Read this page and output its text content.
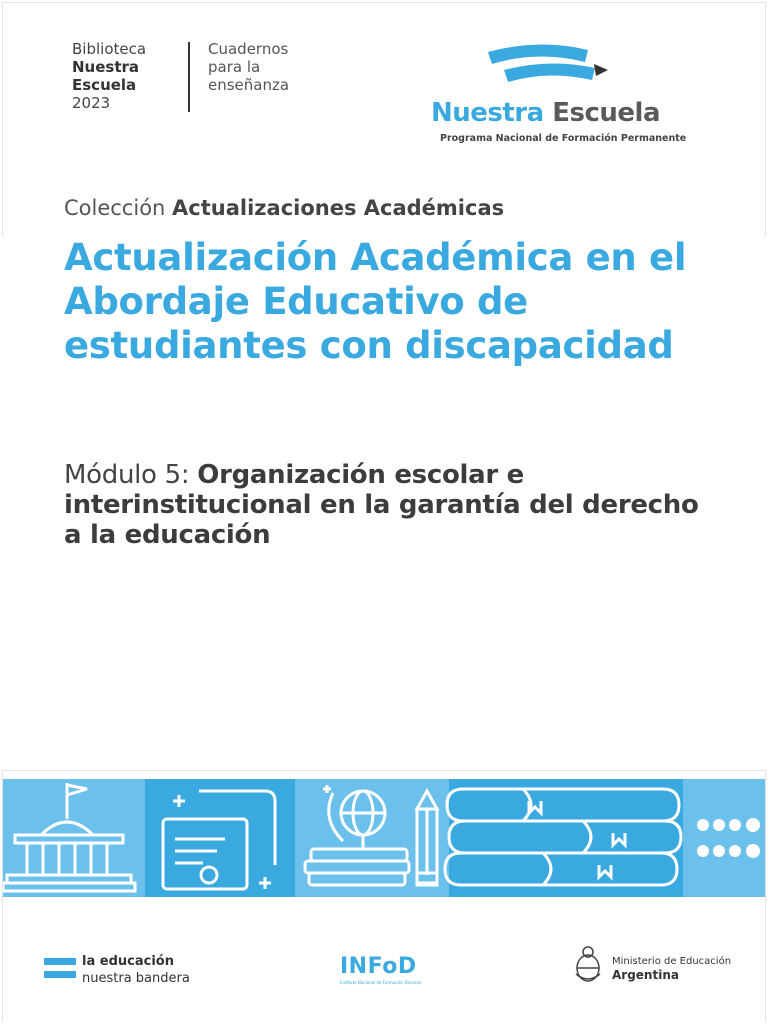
Biblioteca
Nuestra
Escuela
2023
Cuadernos
para la
enseñanza
Nuestra Escuela
Programa Nacional de Formación Permanente
Colección Actualizaciones Académicas
Actualización Académica en el Abordaje Educativo de estudiantes con discapacidad
Módulo 5: Organización escolar e interinstitucional en la garantía del derecho a la educación
la educación
nuestra bandera	INFoD
Instituto Nacional de Formación Docente
Ministerio de Educación
Argentina
